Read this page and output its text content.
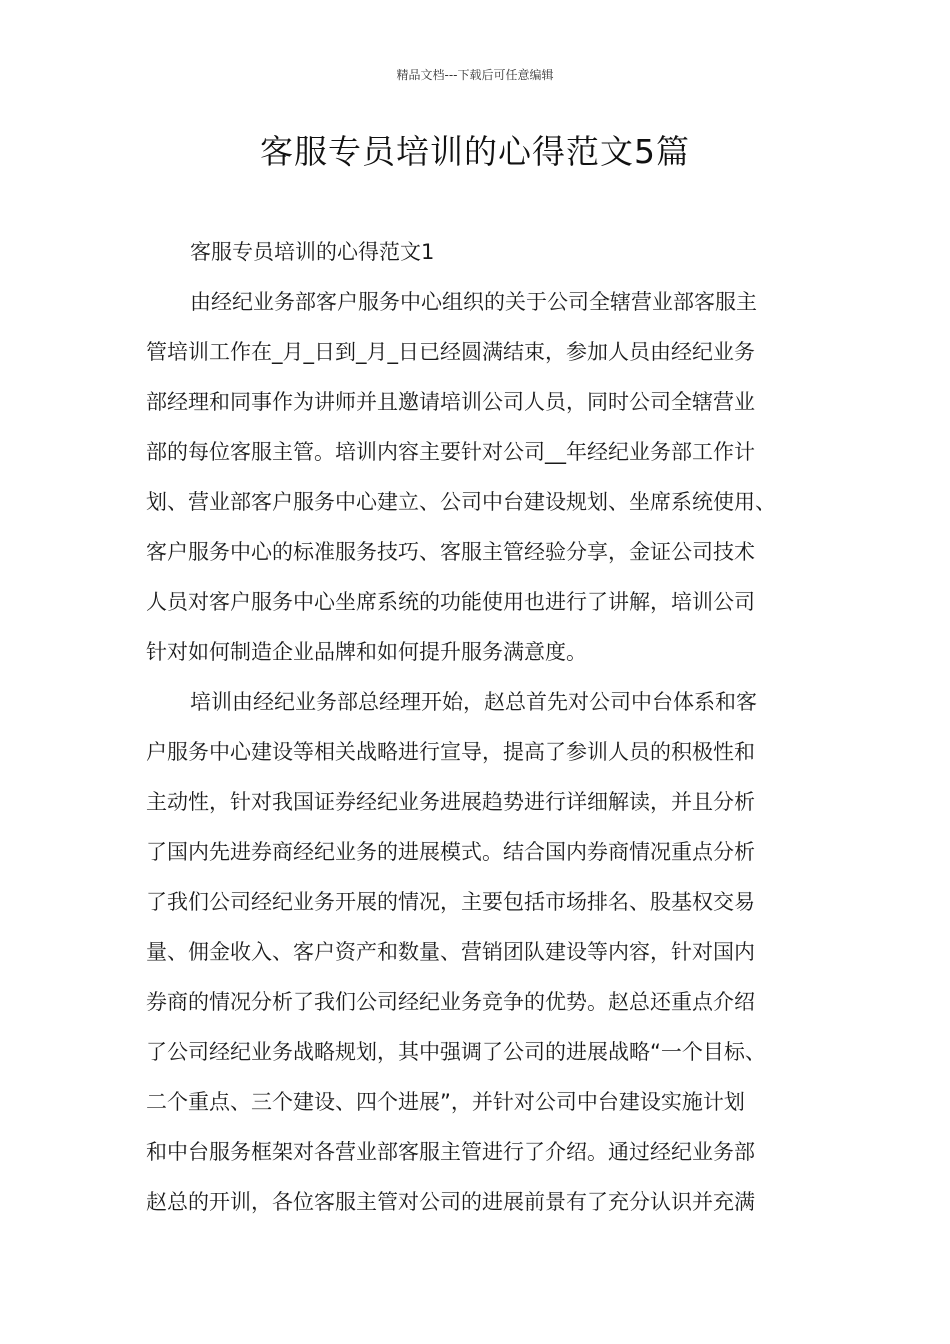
精品文档---下载后可任意编辑
客服专员培训的心得范文5篇
客服专员培训的心得范文1
由经纪业务部客户服务中心组织的关于公司全辖营业部客服主
管培训工作在_月_日到_月_日已经圆满结束，参加人员由经纪业务
部经理和同事作为讲师并且邀请培训公司人员，同时公司全辖营业
部的每位客服主管。培训内容主要针对公司__年经纪业务部工作计
划、营业部客户服务中心建立、公司中台建设规划、坐席系统使用、
客户服务中心的标准服务技巧、客服主管经验分享，金证公司技术
人员对客户服务中心坐席系统的功能使用也进行了讲解，培训公司
针对如何制造企业品牌和如何提升服务满意度。
培训由经纪业务部总经理开始，赵总首先对公司中台体系和客
户服务中心建设等相关战略进行宣导，提高了参训人员的积极性和
主动性，针对我国证券经纪业务进展趋势进行详细解读，并且分析
了国内先进券商经纪业务的进展模式。结合国内券商情况重点分析
了我们公司经纪业务开展的情况，主要包括市场排名、股基权交易
量、佣金收入、客户资产和数量、营销团队建设等内容，针对国内
券商的情况分析了我们公司经纪业务竞争的优势。赵总还重点介绍
了公司经纪业务战略规划，其中强调了公司的进展战略“一个目标、
二个重点、三个建设、四个进展”，并针对公司中台建设实施计划
和中台服务框架对各营业部客服主管进行了介绍。通过经纪业务部
赵总的开训，各位客服主管对公司的进展前景有了充分认识并充满
